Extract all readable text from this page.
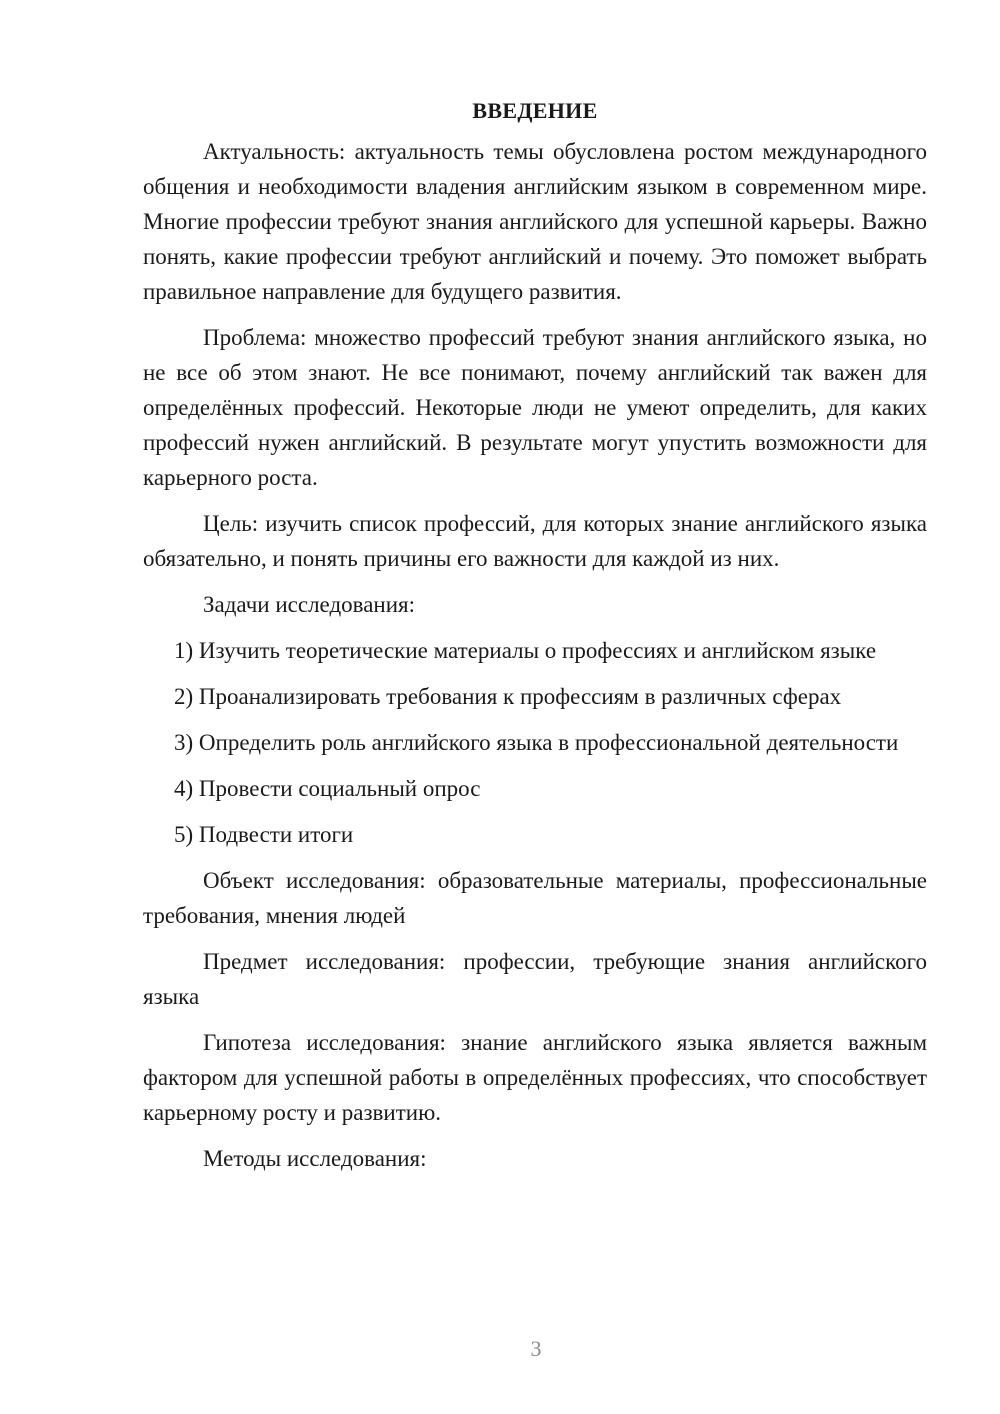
ВВЕДЕНИЕ

Актуальность: актуальность темы обусловлена ростом международного общения и необходимости владения английским языком в современном мире. Многие профессии требуют знания английского для успешной карьеры. Важно понять, какие профессии требуют английский и почему. Это поможет выбрать правильное направление для будущего развития.

Проблема: множество профессий требуют знания английского языка, но не все об этом знают. Не все понимают, почему английский так важен для определённых профессий. Некоторые люди не умеют определить, для каких профессий нужен английский. В результате могут упустить возможности для карьерного роста.

Цель: изучить список профессий, для которых знание английского языка обязательно, и понять причины его важности для каждой из них.

Задачи исследования:

1) Изучить теоретические материалы о профессиях и английском языке

2) Проанализировать требования к профессиям в различных сферах

3) Определить роль английского языка в профессиональной деятельности

4) Провести социальный опрос

5) Подвести итоги

Объект исследования: образовательные материалы, профессиональные требования, мнения людей

Предмет исследования: профессии, требующие знания английского языка

Гипотеза исследования: знание английского языка является важным фактором для успешной работы в определённых профессиях, что способствует карьерному росту и развитию.

Методы исследования:

3
